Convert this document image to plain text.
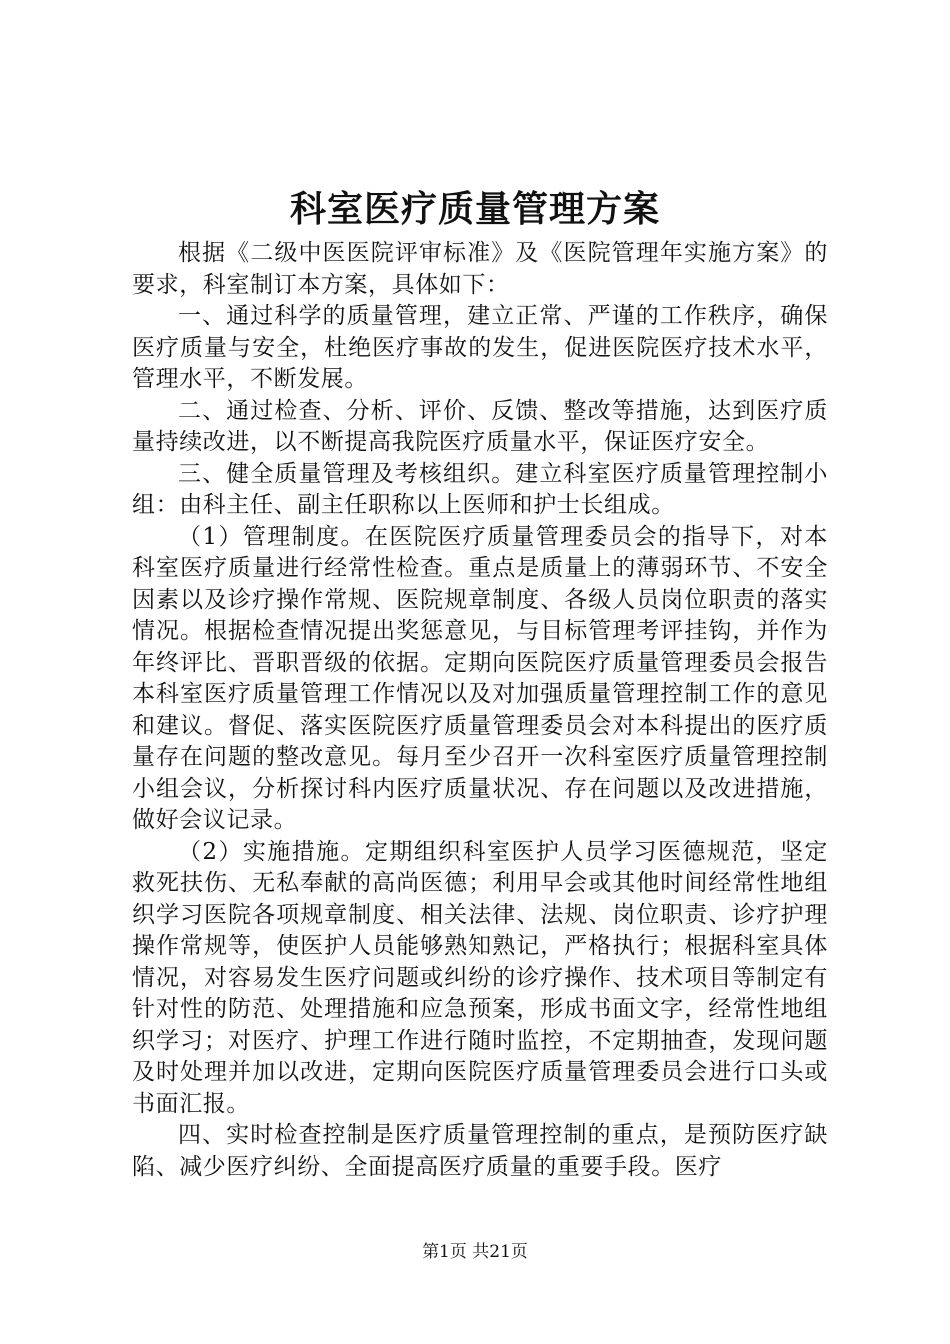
科室医疗质量管理方案

根据《二级中医医院评审标准》及《医院管理年实施方案》的要求，科室制订本方案，具体如下：

一、通过科学的质量管理，建立正常、严谨的工作秩序，确保医疗质量与安全，杜绝医疗事故的发生，促进医院医疗技术水平，管理水平，不断发展。

二、通过检查、分析、评价、反馈、整改等措施，达到医疗质量持续改进，以不断提高我院医疗质量水平，保证医疗安全。

三、健全质量管理及考核组织。建立科室医疗质量管理控制小组：由科主任、副主任职称以上医师和护士长组成。

（1）管理制度。在医院医疗质量管理委员会的指导下，对本科室医疗质量进行经常性检查。重点是质量上的薄弱环节、不安全因素以及诊疗操作常规、医院规章制度、各级人员岗位职责的落实情况。根据检查情况提出奖惩意见，与目标管理考评挂钩，并作为年终评比、晋职晋级的依据。定期向医院医疗质量管理委员会报告本科室医疗质量管理工作情况以及对加强质量管理控制工作的意见和建议。督促、落实医院医疗质量管理委员会对本科提出的医疗质量存在问题的整改意见。每月至少召开一次科室医疗质量管理控制小组会议，分析探讨科内医疗质量状况、存在问题以及改进措施，做好会议记录。

（2）实施措施。定期组织科室医护人员学习医德规范，坚定救死扶伤、无私奉献的高尚医德；利用早会或其他时间经常性地组织学习医院各项规章制度、相关法律、法规、岗位职责、诊疗护理操作常规等，使医护人员能够熟知熟记，严格执行；根据科室具体情况，对容易发生医疗问题或纠纷的诊疗操作、技术项目等制定有针对性的防范、处理措施和应急预案，形成书面文字，经常性地组织学习；对医疗、护理工作进行随时监控，不定期抽查，发现问题及时处理并加以改进，定期向医院医疗质量管理委员会进行口头或书面汇报。

四、实时检查控制是医疗质量管理控制的重点，是预防医疗缺陷、减少医疗纠纷、全面提高医疗质量的重要手段。医疗

第1页 共21页
